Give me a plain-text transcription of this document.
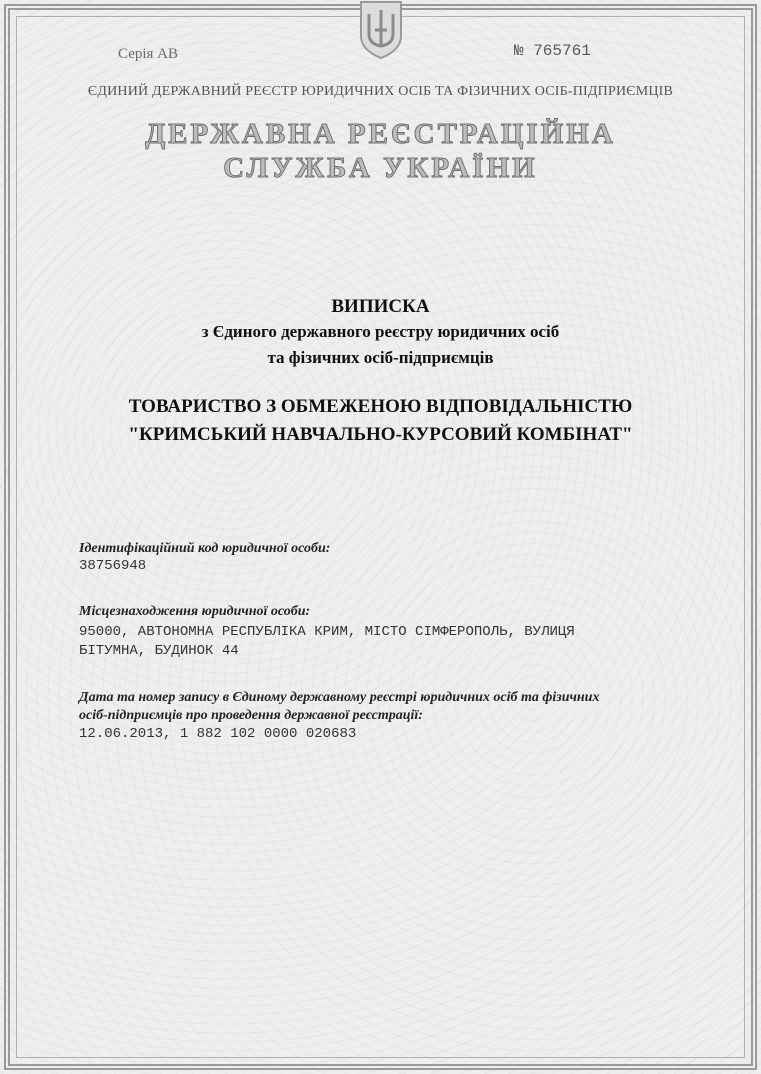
Серія АВ	№ 765761
ЄДИНИЙ ДЕРЖАВНИЙ РЕЄСТР ЮРИДИЧНИХ ОСІБ ТА ФІЗИЧНИХ ОСІБ-ПІДПРИЄМЦІВ
ДЕРЖАВНА РЕЄСТРАЦІЙНА
СЛУЖБА УКРАЇНИ
ВИПИСКА
з Єдиного державного реєстру юридичних осіб
та фізичних осіб-підприємців
ТОВАРИСТВО З ОБМЕЖЕНОЮ ВІДПОВІДАЛЬНІСТЮ
"КРИМСЬКИЙ НАВЧАЛЬНО-КУРСОВИЙ КОМБІНАТ"
Ідентифікаційний код юридичної особи:
38756948
Місцезнаходження юридичної особи:
95000, АВТОНОМНА РЕСПУБЛІКА КРИМ, МІСТО СІМФЕРОПОЛЬ, ВУЛИЦЯ
БІТУМНА, БУДИНОК 44
Дата та номер запису в Єдиному державному реєстрі юридичних осіб та фізичних
осіб-підприємців про проведення державної реєстрації:
12.06.2013, 1 882 102 0000 020683
